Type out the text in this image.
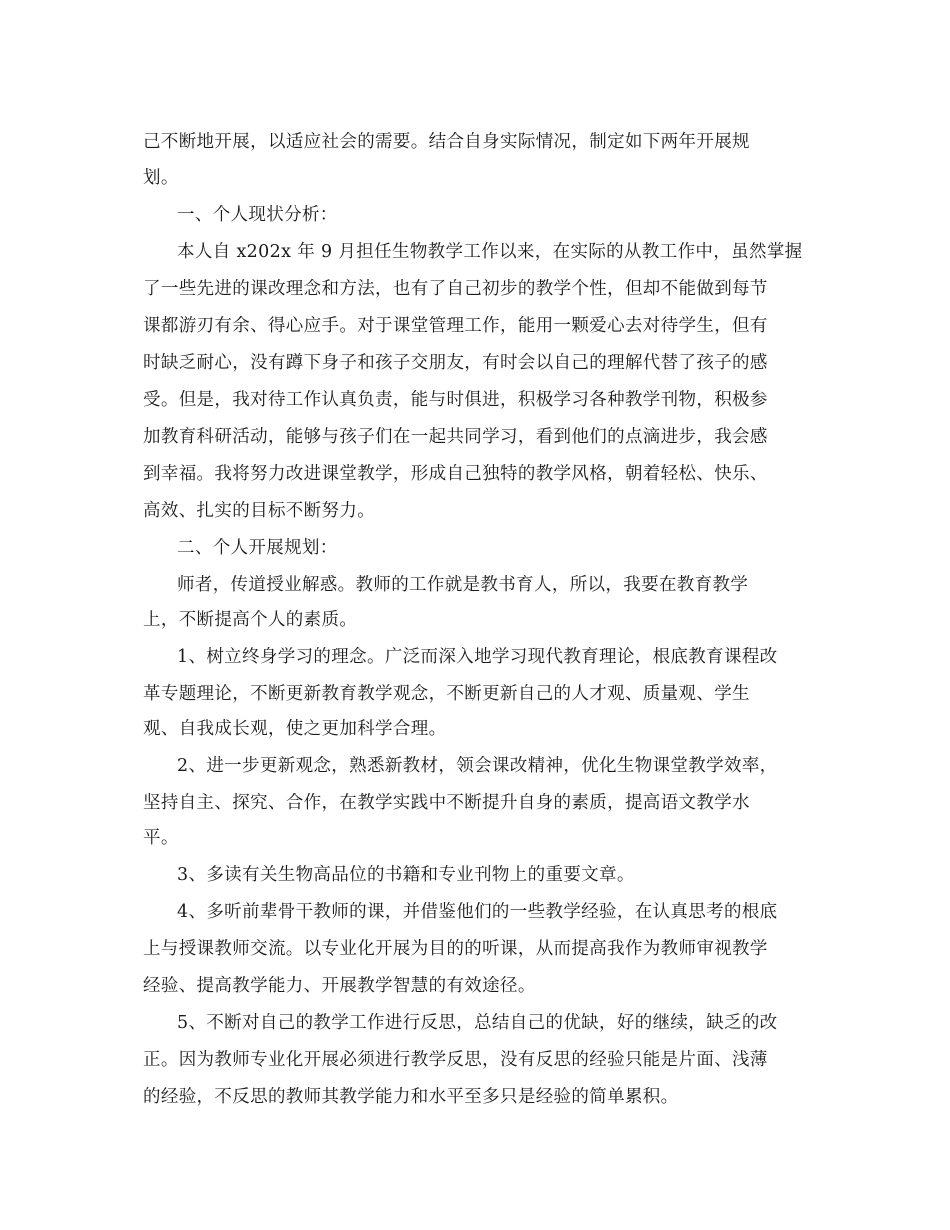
己不断地开展，以适应社会的需要。结合自身实际情况，制定如下两年开展规
划。
一、个人现状分析：
本人自 x202x 年 9 月担任生物教学工作以来，在实际的从教工作中，虽然掌握
了一些先进的课改理念和方法，也有了自己初步的教学个性，但却不能做到每节
课都游刃有余、得心应手。对于课堂管理工作，能用一颗爱心去对待学生，但有
时缺乏耐心，没有蹲下身子和孩子交朋友，有时会以自己的理解代替了孩子的感
受。但是，我对待工作认真负责，能与时俱进，积极学习各种教学刊物，积极参
加教育科研活动，能够与孩子们在一起共同学习，看到他们的点滴进步，我会感
到幸福。我将努力改进课堂教学，形成自己独特的教学风格，朝着轻松、快乐、
高效、扎实的目标不断努力。
二、个人开展规划：
师者，传道授业解惑。教师的工作就是教书育人，所以，我要在教育教学
上，不断提高个人的素质。
1、树立终身学习的理念。广泛而深入地学习现代教育理论，根底教育课程改
革专题理论，不断更新教育教学观念，不断更新自己的人才观、质量观、学生
观、自我成长观，使之更加科学合理。
2、进一步更新观念，熟悉新教材，领会课改精神，优化生物课堂教学效率，
坚持自主、探究、合作，在教学实践中不断提升自身的素质，提高语文教学水
平。
3、多读有关生物高品位的书籍和专业刊物上的重要文章。
4、多听前辈骨干教师的课，并借鉴他们的一些教学经验，在认真思考的根底
上与授课教师交流。以专业化开展为目的的听课，从而提高我作为教师审视教学
经验、提高教学能力、开展教学智慧的有效途径。
5、不断对自己的教学工作进行反思，总结自己的优缺，好的继续，缺乏的改
正。因为教师专业化开展必须进行教学反思，没有反思的经验只能是片面、浅薄
的经验，不反思的教师其教学能力和水平至多只是经验的简单累积。
